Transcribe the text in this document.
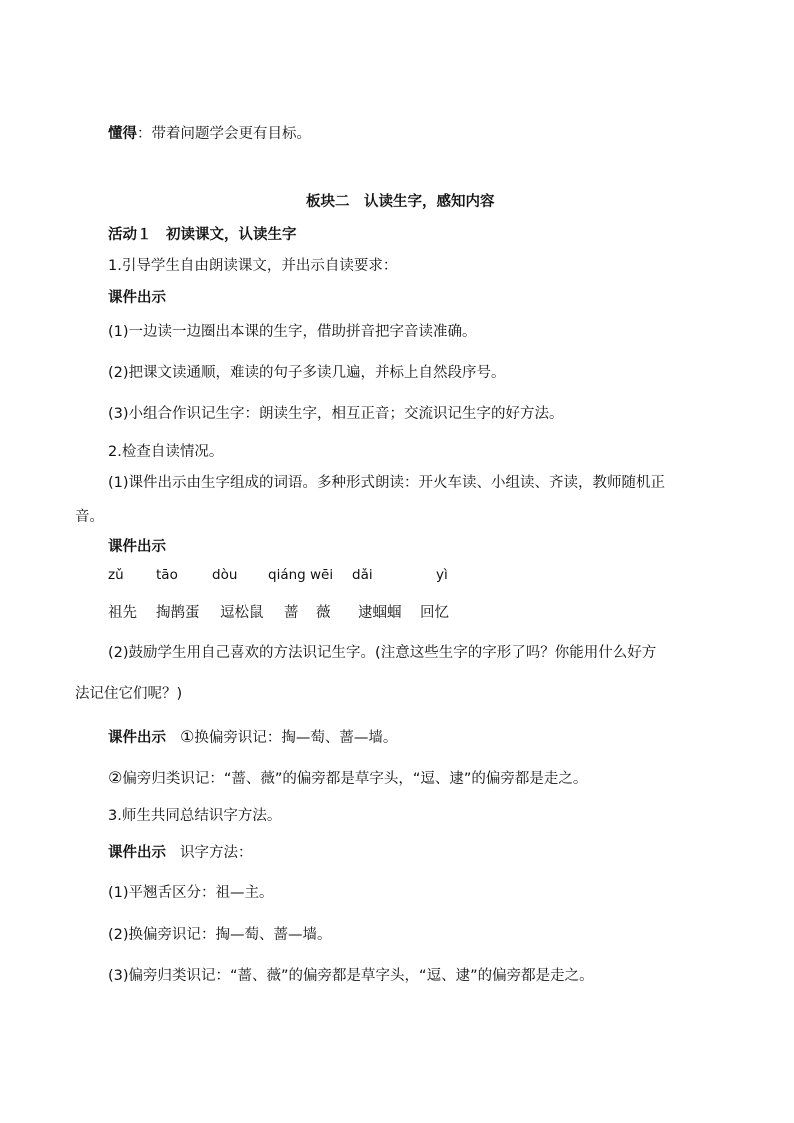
懂得：带着问题学会更有目标。
板块二　认读生字，感知内容
活动１　初读课文，认读生字
1.引导学生自由朗读课文，并出示自读要求：
课件出示
(1)一边读一边圈出本课的生字，借助拼音把字音读准确。
(2)把课文读通顺，难读的句子多读几遍，并标上自然段序号。
(3)小组合作识记生字：朗读生字，相互正音；交流识记生字的好方法。
2.检查自读情况。
(1)课件出示由生字组成的词语。多种形式朗读：开火车读、小组读、齐读，教师随机正
音。
课件出示
zǔ tāo	dòu qiáng wēi dǎi	yì
祖先 掏鹊蛋 逗松鼠 蔷 薇 逮蝈蝈 回忆
(2)鼓励学生用自己喜欢的方法识记生字。(注意这些生字的字形了吗？你能用什么好方
法记住它们呢？)
课件出示 ①换偏旁识记：掏—萄、蔷—墙。
②偏旁归类识记：“蔷、薇”的偏旁都是草字头，“逗、逮”的偏旁都是走之。
3.师生共同总结识字方法。
课件出示 识字方法：
(1)平翘舌区分：祖—主。
(2)换偏旁识记：掏—萄、蔷—墙。
(3)偏旁归类识记：“蔷、薇”的偏旁都是草字头，“逗、逮”的偏旁都是走之。
